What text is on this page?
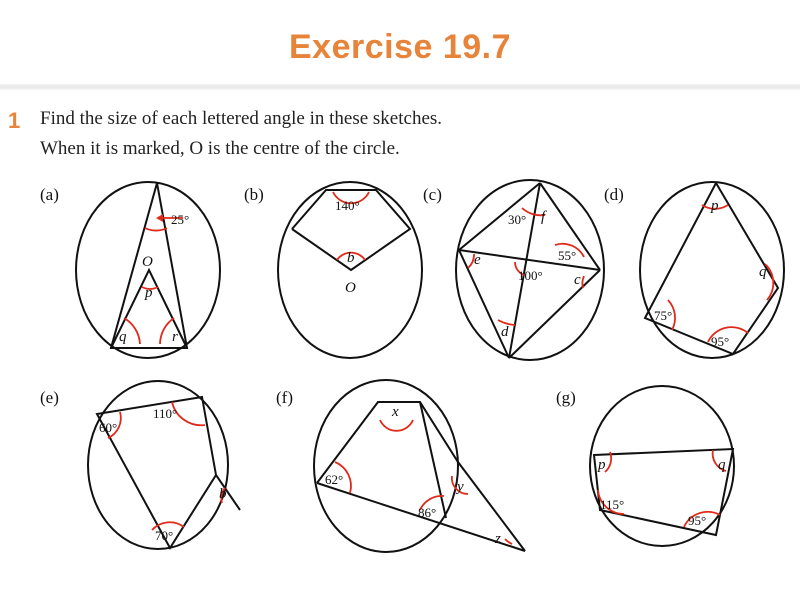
Exercise 19.7
1 Find the size of each lettered angle in these sketches.
When it is marked, O is the centre of the circle.
(a)
25°
O
p
q	r
(b)
140°
b
O
(c)
30° f
e	55°
100° c
d
(d)
p
q
75°
95°
(e)
60°
110°
b
70°
(f)
x
62°
86°
y
z
(g)
p	q
115°
95°
